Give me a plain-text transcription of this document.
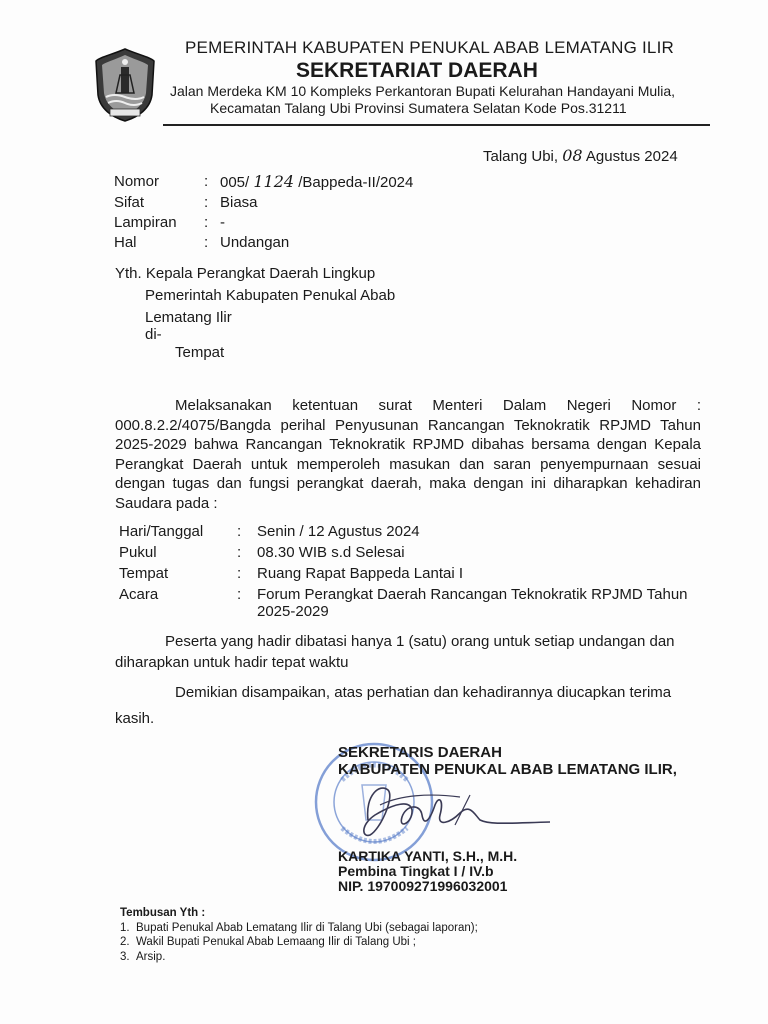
PEMERINTAH KABUPATEN PENUKAL ABAB LEMATANG ILIR
SEKRETARIAT DAERAH
Jalan Merdeka KM 10 Kompleks Perkantoran Bupati Kelurahan Handayani Mulia,
Kecamatan Talang Ubi Provinsi Sumatera Selatan Kode Pos.31211
Talang Ubi, 08 Agustus 2024
Nomor	: 005/ 1124 /Bappeda-II/2024
Sifat	: Biasa
Lampiran	: -
Hal	: Undangan
Yth. Kepala Perangkat Daerah Lingkup
Pemerintah Kabupaten Penukal Abab
Lematang Ilir
di-
Tempat
Melaksanakan ketentuan surat Menteri Dalam Negeri Nomor : 000.8.2.2/4075/Bangda perihal Penyusunan Rancangan Teknokratik RPJMD Tahun 2025-2029 bahwa Rancangan Teknokratik RPJMD dibahas bersama dengan Kepala Perangkat Daerah untuk memperoleh masukan dan saran penyempurnaan sesuai dengan tugas dan fungsi perangkat daerah, maka dengan ini diharapkan kehadiran Saudara pada :
Hari/Tanggal	:	Senin / 12 Agustus 2024
Pukul	:	08.30 WIB s.d Selesai
Tempat	:	Ruang Rapat Bappeda Lantai I
Acara	:	Forum Perangkat Daerah Rancangan Teknokratik RPJMD Tahun 2025-2029
Peserta yang hadir dibatasi hanya 1 (satu) orang untuk setiap undangan dan diharapkan untuk hadir tepat waktu
Demikian disampaikan, atas perhatian dan kehadirannya diucapkan terima kasih.
SEKRETARIS DAERAH
KABUPATEN PENUKAL ABAB LEMATANG ILIR,
KARTIKA YANTI, S.H., M.H.
Pembina Tingkat I / IV.b
NIP. 197009271996032001
Tembusan Yth :
1. Bupati Penukal Abab Lematang Ilir di Talang Ubi (sebagai laporan);
2. Wakil Bupati Penukal Abab Lemaang Ilir di Talang Ubi ;
3. Arsip.
